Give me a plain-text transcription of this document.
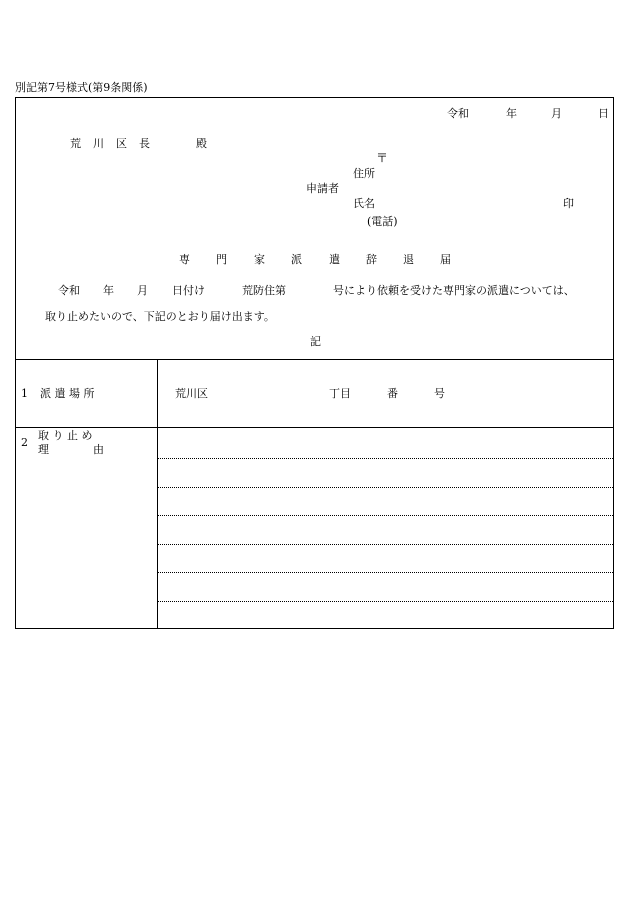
別記第7号様式(第9条関係)
令和	年	月	日
荒 川 区 長	殿
〒
住所
申請者
氏名	印
(電話)
専 門 家 派 遣 辞 退 届
令和 年 月 日付け	荒防住第	号により依頼を受けた専門家の派遣については、
取り止めたいので、下記のとおり届け出ます。
記
1 派 遣 場 所	荒川区	丁目	番	号
2
取 り 止 め
理	由
